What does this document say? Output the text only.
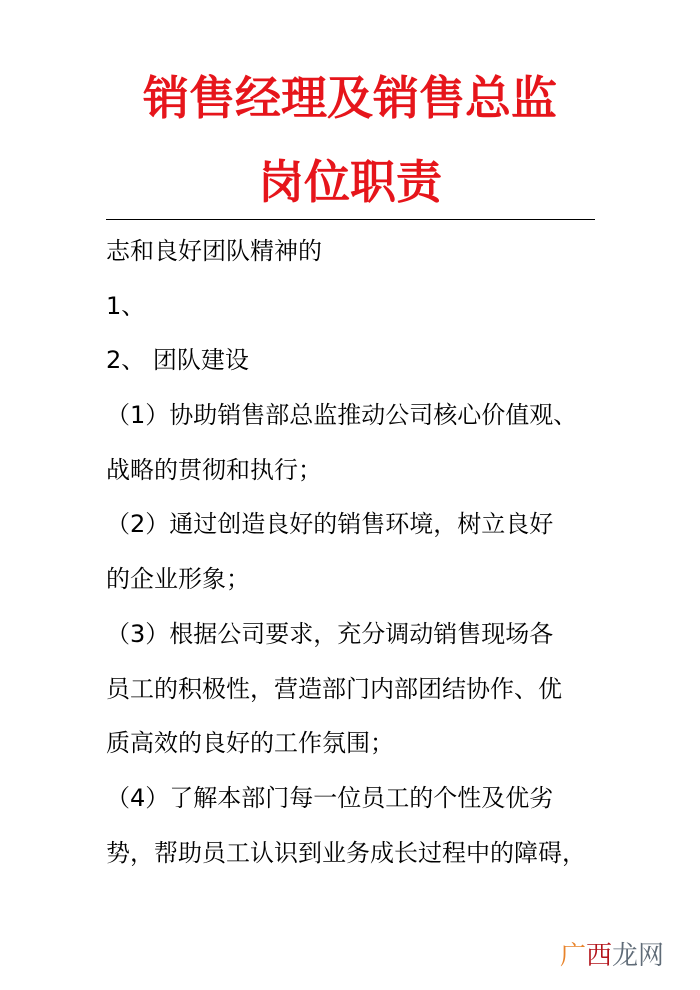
销售经理及销售总监
岗位职责
志和良好团队精神的
1、
2、 团队建设
（1）协助销售部总监推动公司核心价值观、
战略的贯彻和执行；
（2）通过创造良好的销售环境，树立良好
的企业形象；
（3）根据公司要求，充分调动销售现场各
员工的积极性，营造部门内部团结协作、优
质高效的良好的工作氛围；
（4）了解本部门每一位员工的个性及优劣
势，帮助员工认识到业务成长过程中的障碍，
广西龙网
